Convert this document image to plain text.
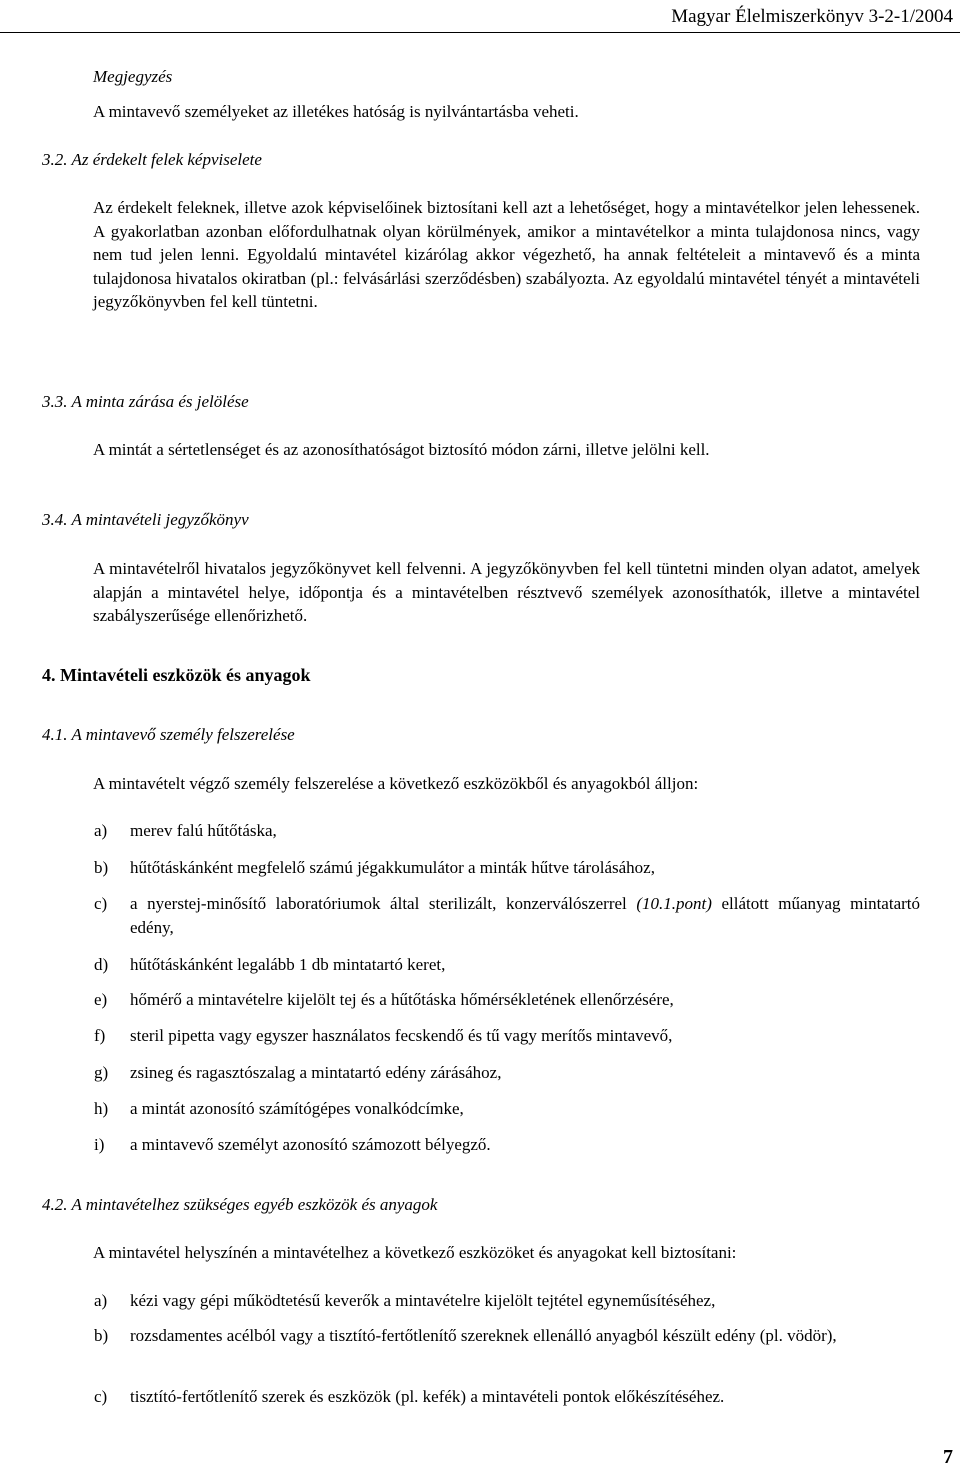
Magyar Élelmiszerkönyv 3-2-1/2004
Megjegyzés
A mintavevő személyeket az illetékes hatóság is nyilvántartásba veheti.
3.2. Az érdekelt felek képviselete
Az érdekelt feleknek, illetve azok képviselőinek biztosítani kell azt a lehetőséget, hogy a mintavételkor jelen lehessenek. A gyakorlatban azonban előfordulhatnak olyan körülmények, amikor a mintavételkor a minta tulajdonosa nincs, vagy nem tud jelen lenni. Egyoldalú mintavétel kizárólag akkor végezhető, ha annak feltételeit a mintavevő és a minta tulajdonosa hivatalos okiratban (pl.: felvásárlási szerződésben) szabályozta. Az egyoldalú mintavétel tényét a mintavételi jegyzőkönyvben fel kell tüntetni.
3.3. A minta zárása és jelölése
A mintát a sértetlenséget és az azonosíthatóságot biztosító módon zárni, illetve jelölni kell.
3.4. A mintavételi jegyzőkönyv
A mintavételről hivatalos jegyzőkönyvet kell felvenni. A jegyzőkönyvben fel kell tüntetni minden olyan adatot, amelyek alapján a mintavétel helye, időpontja és a mintavételben résztvevő személyek azonosíthatók, illetve a mintavétel szabályszerűsége ellenőrizhető.
4. Mintavételi eszközök és anyagok
4.1. A mintavevő személy felszerelése
A mintavételt végző személy felszerelése a következő eszközökből és anyagokból álljon:
a) merev falú hűtőtáska,
b) hűtőtáskánként megfelelő számú jégakkumulátor a minták hűtve tárolásához,
c) a nyerstej-minősítő laboratóriumok által sterilizált, konzerválószerrel (10.1.pont) ellátott műanyag mintatartó edény,
d) hűtőtáskánként legalább 1 db mintatartó keret,
e) hőmérő a mintavételre kijelölt tej és a hűtőtáska hőmérsékletének ellenőrzésére,
f) steril pipetta vagy egyszer használatos fecskendő és tű vagy merítős mintavevő,
g) zsineg és ragasztószalag a mintatartó edény zárásához,
h) a mintát azonosító számítógépes vonalkódcímke,
i) a mintavevő személyt azonosító számozott bélyegző.
4.2. A mintavételhez szükséges egyéb eszközök és anyagok
A mintavétel helyszínén a mintavételhez a következő eszközöket és anyagokat kell biztosítani:
a) kézi vagy gépi működtetésű keverők a mintavételre kijelölt tejtétel egyneműsítéséhez,
b) rozsdamentes acélból vagy a tisztító-fertőtlenítő szereknek ellenálló anyagból készült edény (pl. vödör),
c) tisztító-fertőtlenítő szerek és eszközök (pl. kefék) a mintavételi pontok előkészítéséhez.
7
